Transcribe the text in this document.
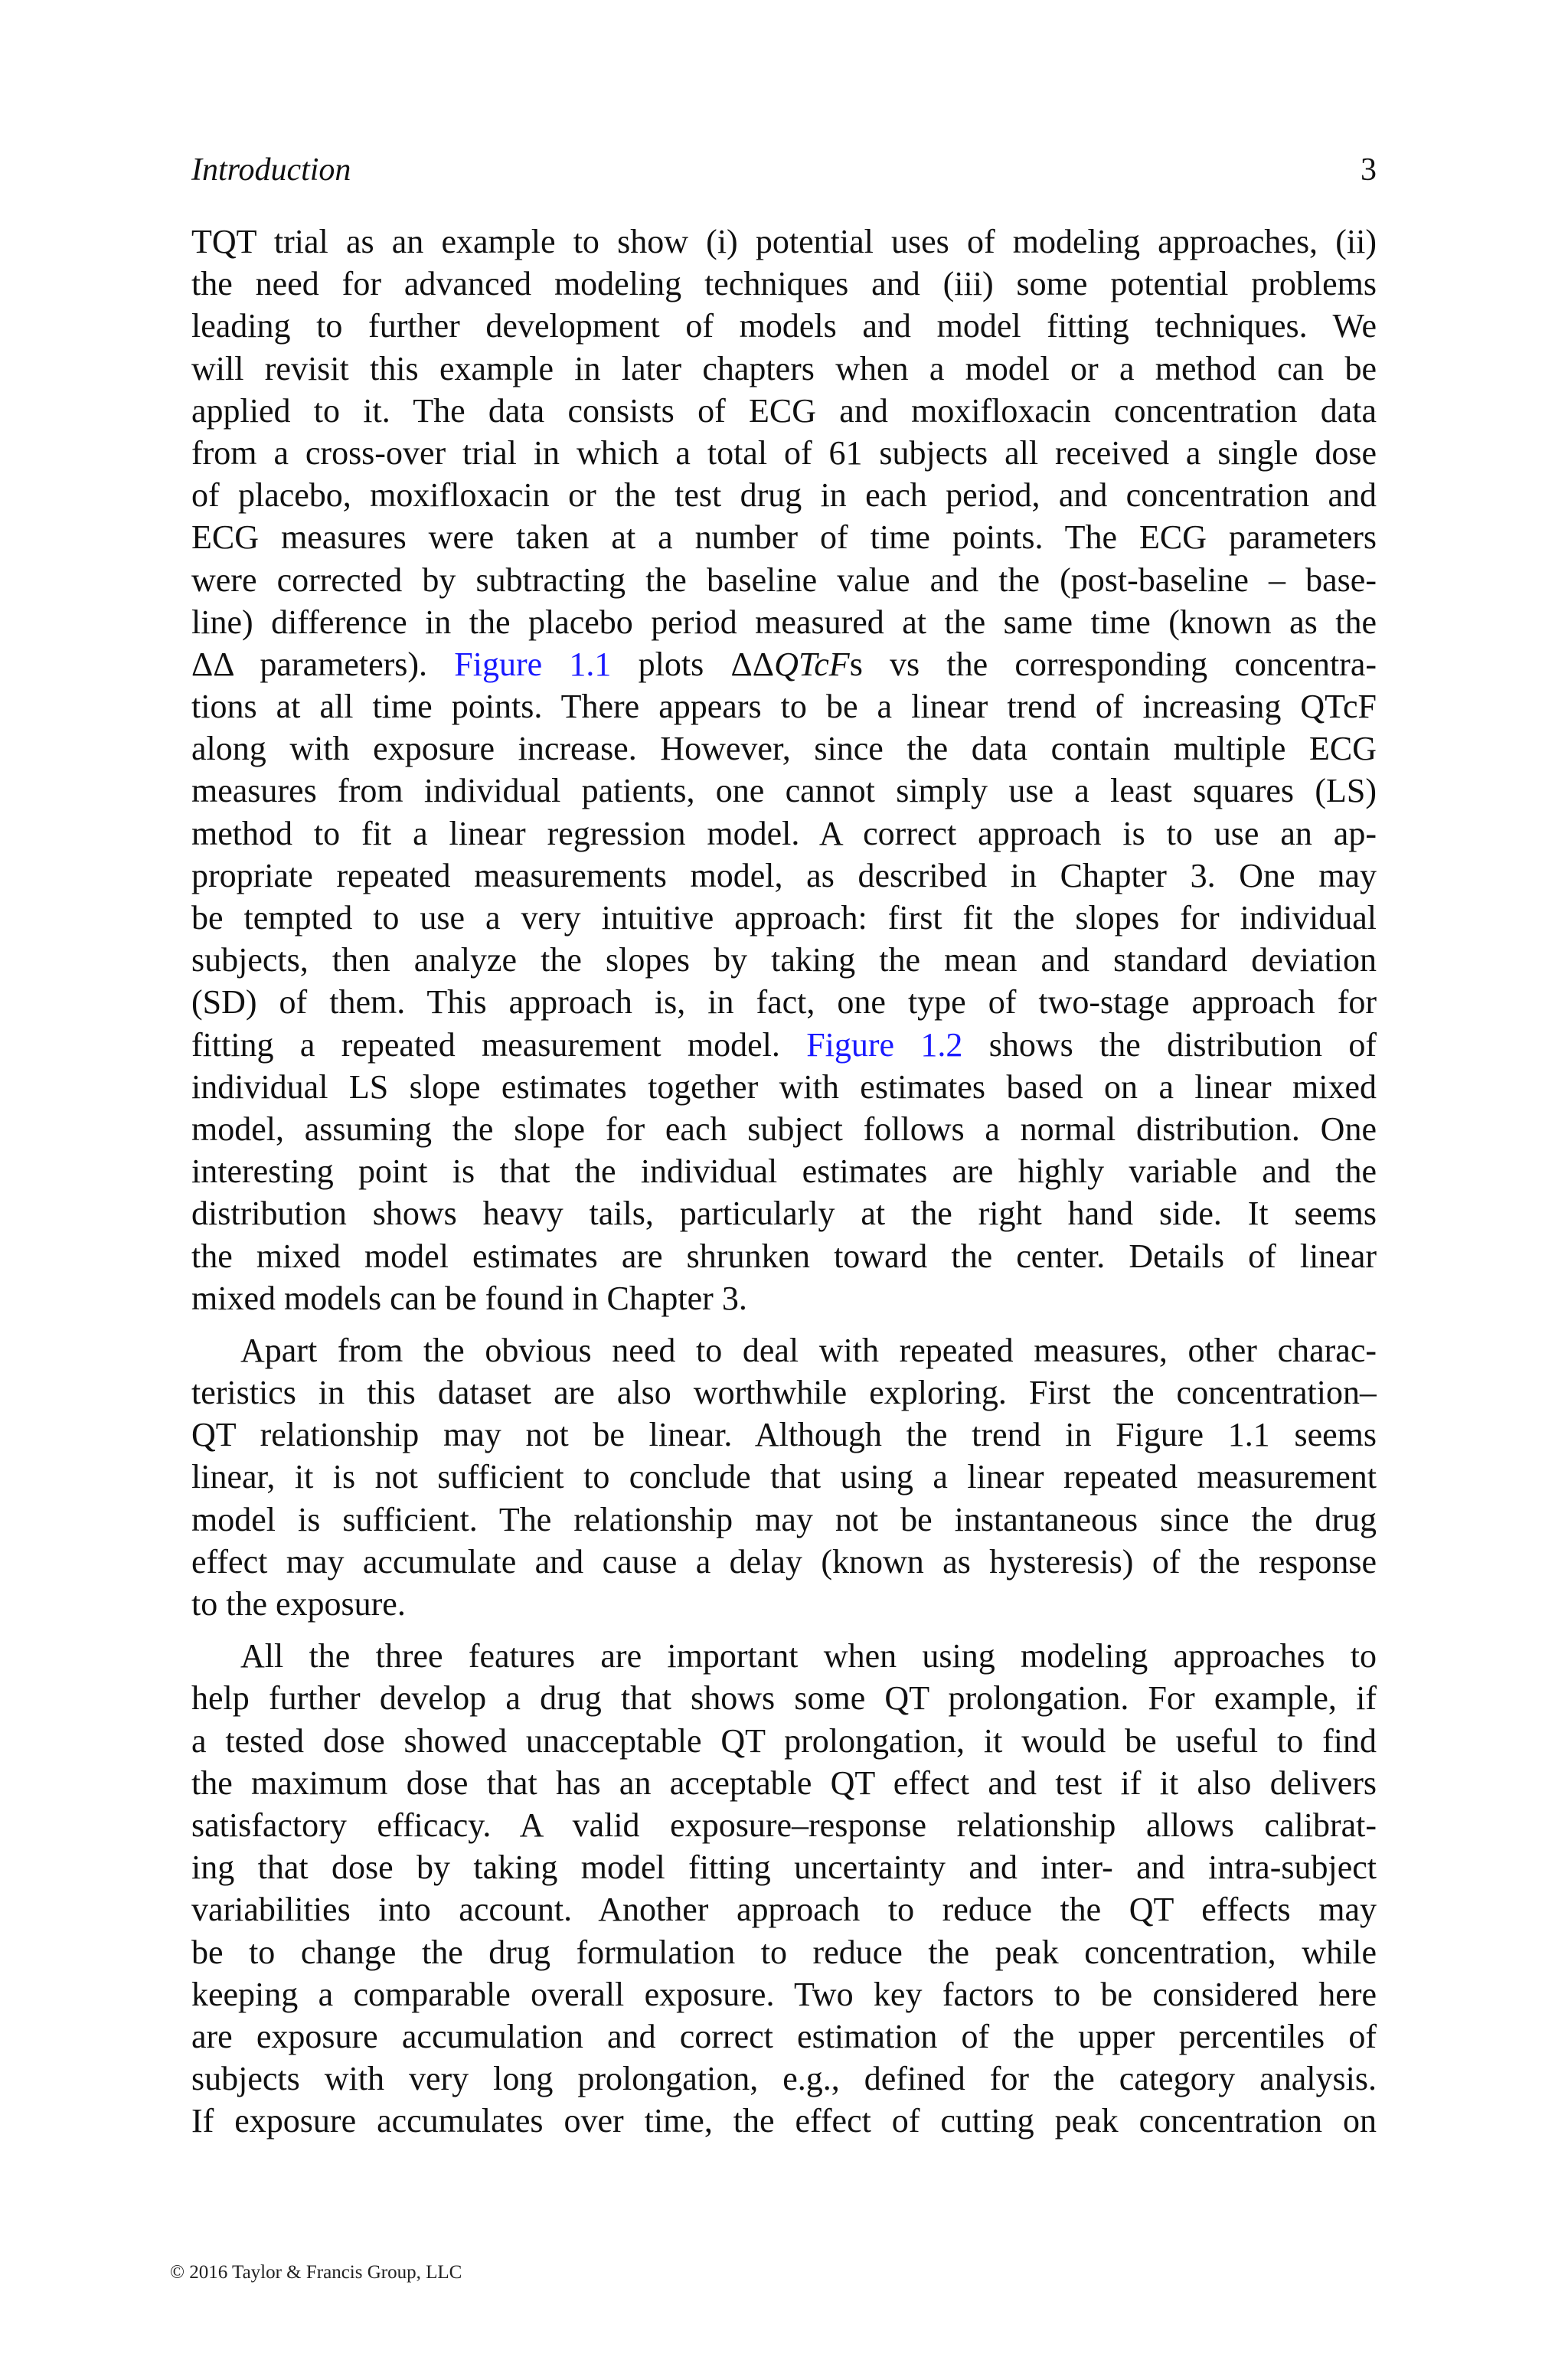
Introduction	3
TQT trial as an example to show (i) potential uses of modeling approaches, (ii)
the need for advanced modeling techniques and (iii) some potential problems
leading to further development of models and model fitting techniques. We
will revisit this example in later chapters when a model or a method can be
applied to it. The data consists of ECG and moxifloxacin concentration data
from a cross-over trial in which a total of 61 subjects all received a single dose
of placebo, moxifloxacin or the test drug in each period, and concentration and
ECG measures were taken at a number of time points. The ECG parameters
were corrected by subtracting the baseline value and the (post-baseline – base-
line) difference in the placebo period measured at the same time (known as the
ΔΔ parameters). Figure 1.1 plots ΔΔQTcFs vs the corresponding concentra-
tions at all time points. There appears to be a linear trend of increasing QTcF
along with exposure increase. However, since the data contain multiple ECG
measures from individual patients, one cannot simply use a least squares (LS)
method to fit a linear regression model. A correct approach is to use an ap-
propriate repeated measurements model, as described in Chapter 3. One may
be tempted to use a very intuitive approach: first fit the slopes for individual
subjects, then analyze the slopes by taking the mean and standard deviation
(SD) of them. This approach is, in fact, one type of two-stage approach for
fitting a repeated measurement model. Figure 1.2 shows the distribution of
individual LS slope estimates together with estimates based on a linear mixed
model, assuming the slope for each subject follows a normal distribution. One
interesting point is that the individual estimates are highly variable and the
distribution shows heavy tails, particularly at the right hand side. It seems
the mixed model estimates are shrunken toward the center. Details of linear
mixed models can be found in Chapter 3.
Apart from the obvious need to deal with repeated measures, other charac-
teristics in this dataset are also worthwhile exploring. First the concentration–
QT relationship may not be linear. Although the trend in Figure 1.1 seems
linear, it is not sufficient to conclude that using a linear repeated measurement
model is sufficient. The relationship may not be instantaneous since the drug
effect may accumulate and cause a delay (known as hysteresis) of the response
to the exposure.
All the three features are important when using modeling approaches to
help further develop a drug that shows some QT prolongation. For example, if
a tested dose showed unacceptable QT prolongation, it would be useful to find
the maximum dose that has an acceptable QT effect and test if it also delivers
satisfactory efficacy. A valid exposure–response relationship allows calibrat-
ing that dose by taking model fitting uncertainty and inter- and intra-subject
variabilities into account. Another approach to reduce the QT effects may
be to change the drug formulation to reduce the peak concentration, while
keeping a comparable overall exposure. Two key factors to be considered here
are exposure accumulation and correct estimation of the upper percentiles of
subjects with very long prolongation, e.g., defined for the category analysis.
If exposure accumulates over time, the effect of cutting peak concentration on
© 2016 Taylor & Francis Group, LLC
